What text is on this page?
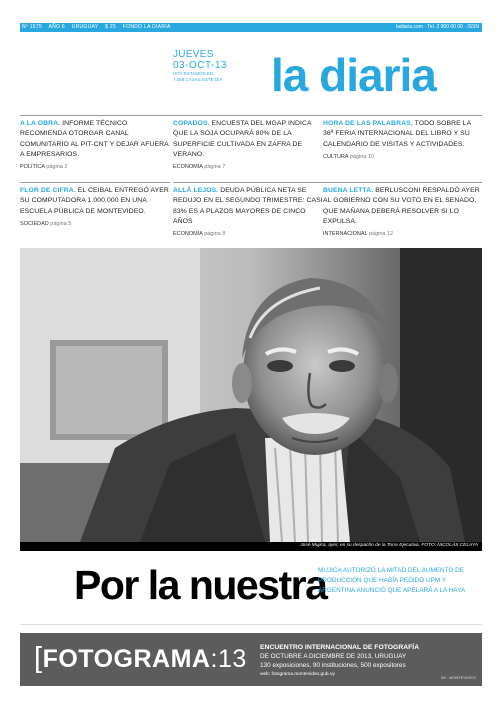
Nº 1575 AÑO 6 URUGUAY $ 25 FONDO LA DIARIA	ladiaria.com · Tel. 2 900 00 00 · ISSN
JUEVES
03-OCT-13
HOY ESTAMOS EN
7.658 CASAS ESTE DÍA la diaria
A LA OBRA. INFORME TÉCNICO RECOMIENDA OTORGAR CANAL COMUNITARIO AL PIT-CNT Y DEJAR AFUERA A EMPRESARIOS.
POLÍTICA página 2
COPADOS. ENCUESTA DEL MGAP INDICA QUE LA SOJA OCUPARÁ 80% DE LA SUPERFICIE CULTIVADA EN ZAFRA DE VERANO.
ECONOMÍA página 7
HORA DE LAS PALABRAS. TODO SOBRE LA 36ª FERIA INTERNACIONAL DEL LIBRO Y SU CALENDARIO DE VISITAS Y ACTIVIDADES.
CULTURA página 10
FLOR DE CIFRA. EL CEIBAL ENTREGÓ AYER SU COMPUTADORA 1.000.000 EN UNA ESCUELA PÚBLICA DE MONTEVIDEO.
SOCIEDAD página 5
ALLÁ LEJOS. DEUDA PÚBLICA NETA SE REDUJO EN EL SEGUNDO TRIMESTRE: CASI 83% ES A PLAZOS MAYORES DE CINCO AÑOS
ECONOMÍA página 8
BUENA LETTA. BERLUSCONI RESPALDÓ AYER AL GOBIERNO CON SU VOTO EN EL SENADO, QUE MAÑANA DEBERÁ RESOLVER SI LO EXPULSA.
INTERNACIONAL página 12
José Mujica, ayer, en su despacho de la Torre Ejecutiva. FOTO: NICOLÁS CELAYA
Por la nuestra
MUJICA AUTORIZÓ LA MITAD DEL AUMENTO DE PRODUCCIÓN QUE HABÍA PEDIDO UPM Y ARGENTINA ANUNCIÓ QUE APELARÁ A LA HAYA
[FOTOGRAMA:13 ENCUENTRO INTERNACIONAL DE FOTOGRAFÍA
DE OCTUBRE A DICIEMBRE DE 2013, URUGUAY
130 exposiciones, 90 instituciones, 500 expositores
web: fotograma.montevideo.gub.uy
IM · MONTEVIDEO
